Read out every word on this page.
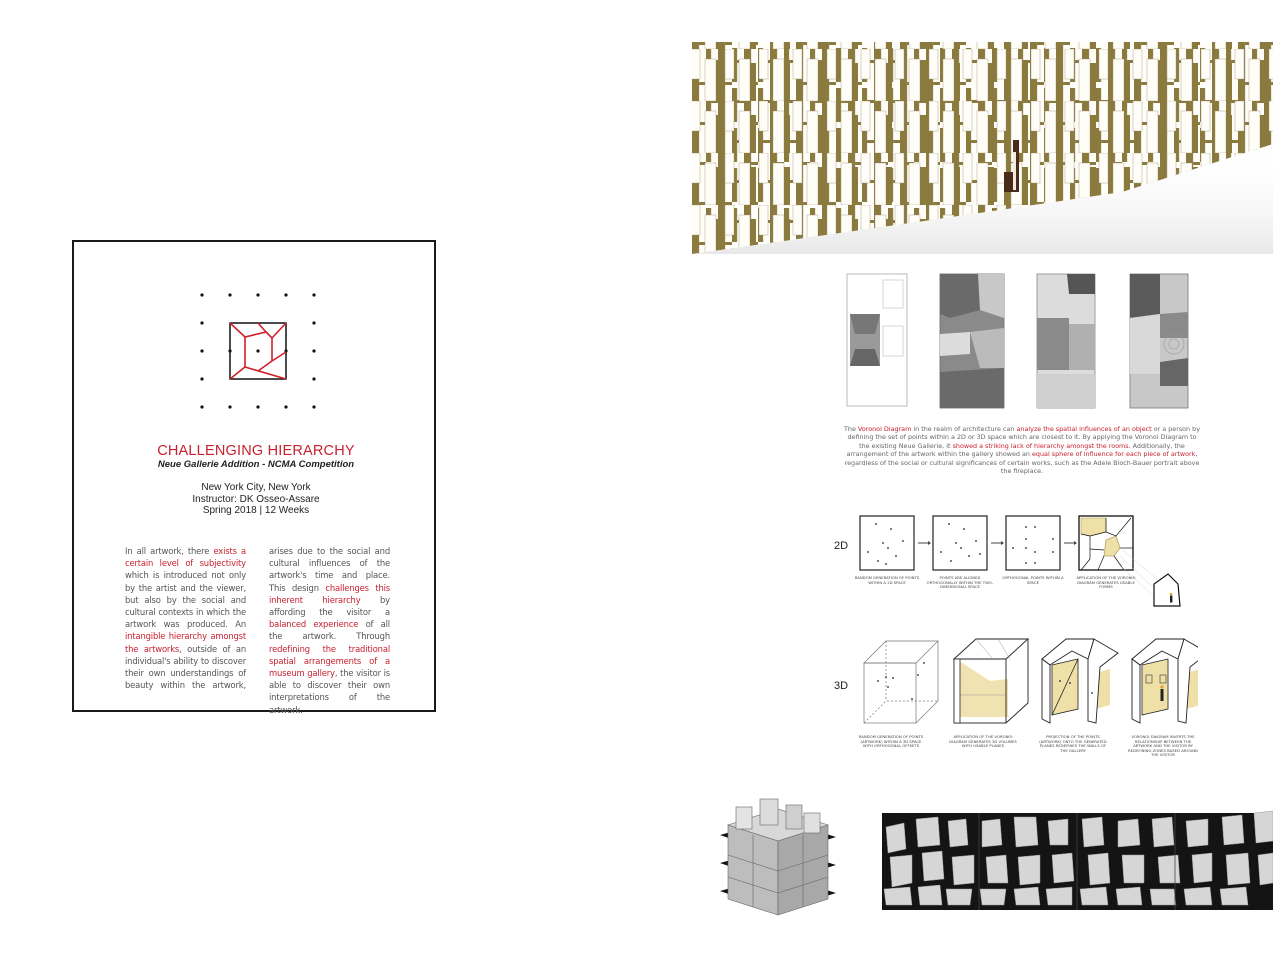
CHALLENGING HIERARCHY
Neue Gallerie Addition - NCMA Competition
New York City, New York
Instructor: DK Osseo-Assare
Spring 2018 | 12 Weeks
In all artwork, there exists a certain level of subjectivity which is introduced not only by the artist and the viewer, but also by the social and cultural contexts in which the artwork was produced. An intangible hierarchy amongst the artworks, outside of an individual's ability to discover their own understandings of beauty within the artwork,
arises due to the social and cultural influences of the artwork's time and place. This design challenges this inherent hierarchy by affording the visitor a balanced experience of all the artwork. Through redefining the traditional spatial arrangements of a museum gallery, the visitor is able to discover their own interpretations of the artwork.
The Voronoi Diagram in the realm of architecture can analyze the spatial influences of an object or a person by defining the set of points within a 2D or 3D space which are closest to it. By applying the Voronoi Diagram to the existing Neue Gallerie, it showed a striking lack of hierarchy amongst the rooms. Additionally, the arrangement of the artwork within the gallery showed an equal sphere of influence for each piece of artwork, regardless of the social or cultural significances of certain works, such as the Adele Bloch-Bauer portrait above the fireplace.
2D
RANDOM GENERATION OF POINTS WITHIN A 2D SPACE
POINTS ARE ALIGNED ORTHOGONALLY WITHIN THE TWO-DIMENSIONAL SPACE
ORTHOGONAL POINTS WITHIN A SPACE
APPLICATION OF THE VORONOI DIAGRAM GENERATES USABLE FORMS
3D
RANDOM GENERATION OF POINTS (ARTWORK) WITHIN A 3D SPACE WITH ORTHOGONAL OFFSETS
APPLICATION OF THE VORONOI DIAGRAM GENERATES 3D VOLUMES WITH USABLE PLANES
PROJECTION OF THE POINTS (ARTWORK) ONTO THE GENERATED PLANES REDEFINES THE WALLS OF THE GALLERY
VORONOI DIAGRAM INVERTS THE RELATIONSHIP BETWEEN THE ARTWORK AND THE VISITOR BY REDEFINING ZONES BASED AROUND THE VISITOR
